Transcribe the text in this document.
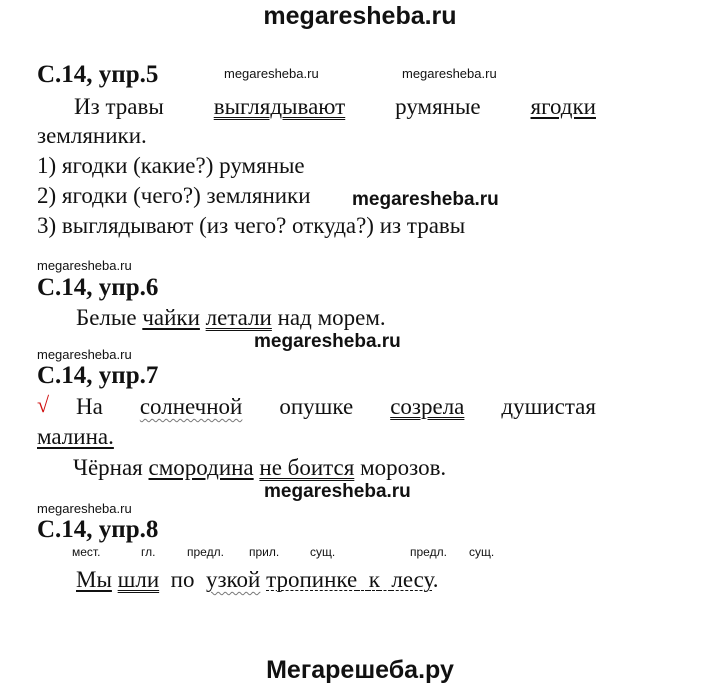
megaresheba.ru
С.14, упр.5	megaresheba.ru	megaresheba.ru
Из травы выглядывают румяные ягодки
земляники.
1) ягодки (какие?) румяные
2) ягодки (чего?) земляники megaresheba.ru
3) выглядывают (из чего? откуда?) из травы
megaresheba.ru
С.14, упр.6
Белые чайки летали над морем.
megaresheba.ru
megaresheba.ru
С.14, упр.7
√ На солнечной опушке созрела душистая
малина.
Чёрная смородина не боится морозов.
megaresheba.ru
megaresheba.ru
С.14, упр.8
мест.	гл.	предл. прил.	сущ.	предл. сущ.
Мы шли по узкой тропинке к лесу.
Мегарешеба.ру
